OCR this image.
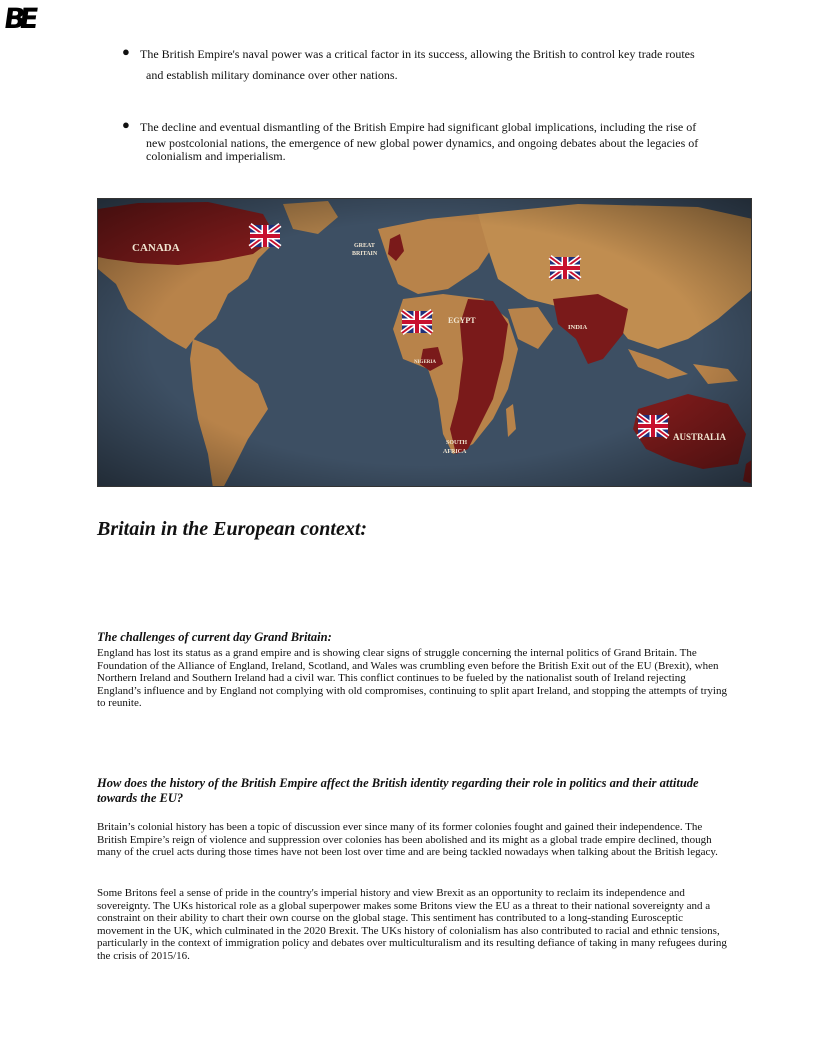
BE
● The British Empire's naval power was a critical factor in its success, allowing the British to control key trade routes
and establish military dominance over other nations.
● The decline and eventual dismantling of the British Empire had significant global implications, including the rise of
new postcolonial nations, the emergence of new global power dynamics, and ongoing debates about the legacies of colonialism and imperialism.
CANADA	GREAT
BRITAIN
EGYPT
INDIA
NIGERIA
SOUTH
AFRICA
AUSTRALIA
Britain in the European context:
The challenges of current day Grand Britain:

England has lost its status as a grand empire and is showing clear signs of struggle concerning the internal politics of Grand Britain. The Foundation of the Alliance of England, Ireland, Scotland, and Wales was crumbling even before the British Exit out of the EU (Brexit), when Northern Ireland and Southern Ireland had a civil war. This conflict continues to be fueled by the nationalist south of Ireland rejecting England’s influence and by England not complying with old compromises, continuing to split apart Ireland, and stopping the attempts of trying to reunite.

How does the history of the British Empire affect the British identity regarding their role in politics and their attitude towards the EU?

Britain’s colonial history has been a topic of discussion ever since many of its former colonies fought and gained their independence. The British Empire’s reign of violence and suppression over colonies has been abolished and its might as a global trade empire declined, though many of the cruel acts during those times have not been lost over time and are being tackled nowadays when talking about the British legacy.

Some Britons feel a sense of pride in the country's imperial history and view Brexit as an opportunity to reclaim its independence and sovereignty. The UKs historical role as a global superpower makes some Britons view the EU as a threat to their national sovereignty and a constraint on their ability to chart their own course on the global stage. This sentiment has contributed to a long-standing Eurosceptic movement in the UK, which culminated in the 2020 Brexit. The UKs history of colonialism has also contributed to racial and ethnic tensions, particularly in the context of immigration policy and debates over multiculturalism and its resulting defiance of taking in many refugees during the crisis of 2015/16.
